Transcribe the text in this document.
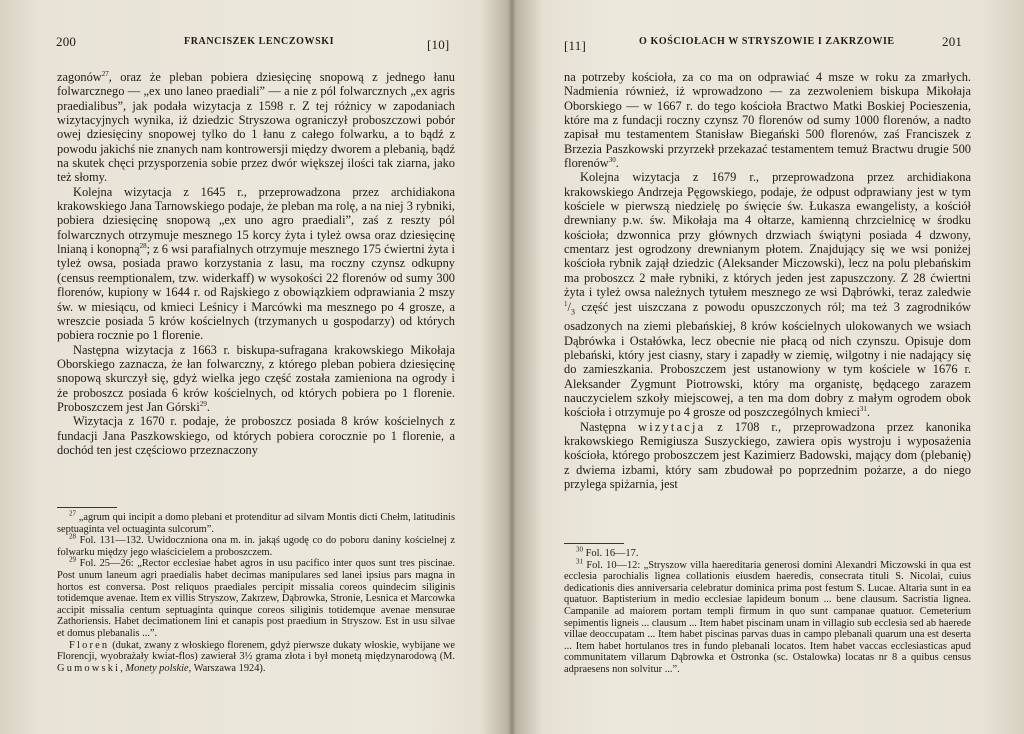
200	FRANCISZEK LENCZOWSKI	[10]

zagonów$^{27}$, oraz że pleban pobiera dziesięcinę snopową z jednego łanu folwarcznego — „ex uno laneo praediali” — a nie z pól folwarcznych „ex agris praedialibus”, jak podała wizytacja z 1598 r. Z tej różnicy w zapodaniach wizytacyjnych wynika, iż dziedzic Stryszowa ograniczył proboszczowi pobór owej dziesięciny snopowej tylko do 1 łanu z całego folwarku, a to bądź z powodu jakichś nie znanych nam kontrowersji między dworem a plebanią, bądź na skutek chęci przysporzenia sobie przez dwór większej ilości tak ziarna, jako też słomy.

Kolejna wizytacja z 1645 r., przeprowadzona przez archidiakona krakowskiego Jana Tarnowskiego podaje, że pleban ma rolę, a na niej 3 rybniki, pobiera dziesięcinę snopową „ex uno agro praediali”, zaś z reszty pól folwarcznych otrzymuje mesznego 15 korcy żyta i tyleż owsa oraz dziesięcinę lnianą i konopną$^{28}$; z 6 wsi parafialnych otrzymuje mesznego 175 ćwiertni żyta i tyleż owsa, posiada prawo korzystania z lasu, ma roczny czynsz odkupny (census reemptionalem, tzw. widerkaff) w wysokości 22 florenów od sumy 300 florenów, kupiony w 1644 r. od Rajskiego z obowiązkiem odprawiania 2 mszy św. w miesiącu, od kmieci Leśnicy i Marcówki ma mesznego po 4 grosze, a wreszcie posiada 5 krów kościelnych (trzymanych u gospodarzy) od których pobiera rocznie po 1 florenie.

Następna wizytacja z 1663 r. biskupa-sufragana krakowskiego Mikołaja Oborskiego zaznacza, że łan folwarczny, z którego pleban pobiera dziesięcinę snopową skurczył się, gdyż wielka jego część została zamieniona na ogrody i że proboszcz posiada 6 krów kościelnych, od których pobiera po 1 florenie. Proboszczem jest Jan Górski$^{29}$.

Wizytacja z 1670 r. podaje, że proboszcz posiada 8 krów kościelnych z fundacji Jana Paszkowskiego, od których pobiera corocznie po 1 florenie, a dochód ten jest częściowo przeznaczony

$^{27}$ „agrum qui incipit a domo plebani et protenditur ad silvam Montis dicti Chełm, latitudinis septuaginta vel octuaginta sulcorum”.

$^{28}$ Fol. 131—132. Uwidoczniona ona m. in. jakąś ugodę co do poboru daniny kościelnej z folwarku między jego właścicielem a proboszczem.

$^{29}$ Fol. 25—26: „Rector ecclesiae habet agros in usu pacifico inter quos sunt tres piscinae. Post unum laneum agri praedialis habet decimas manipulares sed lanei ipsius pars magna in hortos est conversa. Post reliquos praediales percipit missalia coreos quindecim siliginis totidemque avenae. Item ex villis Stryszow, Zakrzew, Dąbrowka, Stronie, Lesnica et Marcowka accipit missalia centum septuaginta quinque coreos siliginis totidemque avenae mensurae Zathoriensis. Habet decimationem lini et canapis post praedium in Stryszow. Est in usu silvae et domus plebanalis ...”.

Floren (dukat, zwany z włoskiego florenem, gdyż pierwsze dukaty włoskie, wybijane we Florencji, wyobrażały kwiat-flos) zawierał 3½ grama złota i był monetą międzynarodową (M. Gumowski, Monety polskie, Warszawa 1924).

[11]	O KOŚCIOŁACH W STRYSZOWIE I ZAKRZOWIE	201

na potrzeby kościoła, za co ma on odprawiać 4 msze w roku za zmarłych. Nadmienia również, iż wprowadzono — za zezwoleniem biskupa Mikołaja Oborskiego — w 1667 r. do tego kościoła Bractwo Matki Boskiej Pocieszenia, które ma z fundacji roczny czynsz 70 florenów od sumy 1000 florenów, a nadto zapisał mu testamentem Stanisław Biegański 500 florenów, zaś Franciszek z Brzezia Paszkowski przyrzekł przekazać testamentem temuż Bractwu drugie 500 florenów$^{30}$.

Kolejna wizytacja z 1679 r., przeprowadzona przez archidiakona krakowskiego Andrzeja Pęgowskiego, podaje, że odpust odprawiany jest w tym kościele w pierwszą niedzielę po święcie św. Łukasza ewangelisty, a kościół drewniany p.w. św. Mikołaja ma 4 ołtarze, kamienną chrzcielnicę w środku kościoła; dzwonnica przy głównych drzwiach świątyni posiada 4 dzwony, cmentarz jest ogrodzony drewnianym płotem. Znajdujący się we wsi poniżej kościoła rybnik zajął dziedzic (Aleksander Miczowski), lecz na polu plebańskim ma proboszcz 2 małe rybniki, z których jeden jest zapuszczony. Z 28 ćwiertni żyta i tyleż owsa należnych tytułem mesznego ze wsi Dąbrówki, teraz zaledwie $^1/_3$ część jest uiszczana z powodu opuszczonych ról; ma też 3 zagrodników osadzonych na ziemi plebańskiej, 8 krów kościelnych ulokowanych we wsiach Dąbrówka i Ostałówka, lecz obecnie nie płacą od nich czynszu. Opisuje dom plebański, który jest ciasny, stary i zapadły w ziemię, wilgotny i nie nadający się do zamieszkania. Proboszczem jest ustanowiony w tym kościele w 1676 r. Aleksander Zygmunt Piotrowski, który ma organistę, będącego zarazem nauczycielem szkoły miejscowej, a ten ma dom dobry z małym ogrodem obok kościoła i otrzymuje po 4 grosze od poszczególnych kmieci$^{31}$.

Następna wizytacja z 1708 r., przeprowadzona przez kanonika krakowskiego Remigiusza Suszyckiego, zawiera opis wystroju i wyposażenia kościoła, którego proboszczem jest Kazimierz Badowski, mający dom (plebanię) z dwiema izbami, który sam zbudował po poprzednim pożarze, a do niego przylega spiżarnia, jest

$^{30}$ Fol. 16—17.

$^{31}$ Fol. 10—12: „Stryszow villa haereditaria generosi domini Alexandri Miczowski in qua est ecclesia parochialis lignea collationis eiusdem haeredis, consecrata tituli S. Nicolai, cuius dedicationis dies anniversaria celebratur dominica prima post festum S. Lucae. Altaria sunt in ea quatuor. Baptisterium in medio ecclesiae lapideum bonum ... bene clausum. Sacristia lignea. Campanile ad maiorem portam templi firmum in quo sunt campanae quatuor. Cemeterium sepimentis ligneis ... clausum ... Item habet piscinam unam in villagio sub ecclesia sed ab haerede villae deoccupatam ... Item habet piscinas parvas duas in campo plebanali quarum una est deserta ... Item habet hortulanos tres in fundo plebanali locatos. Item habet vaccas ecclesiasticas apud communitatem villarum Dąbrowka et Ostronka (sc. Ostalowka) locatas nr 8 a quibus census adpraesens non solvitur ...”.
